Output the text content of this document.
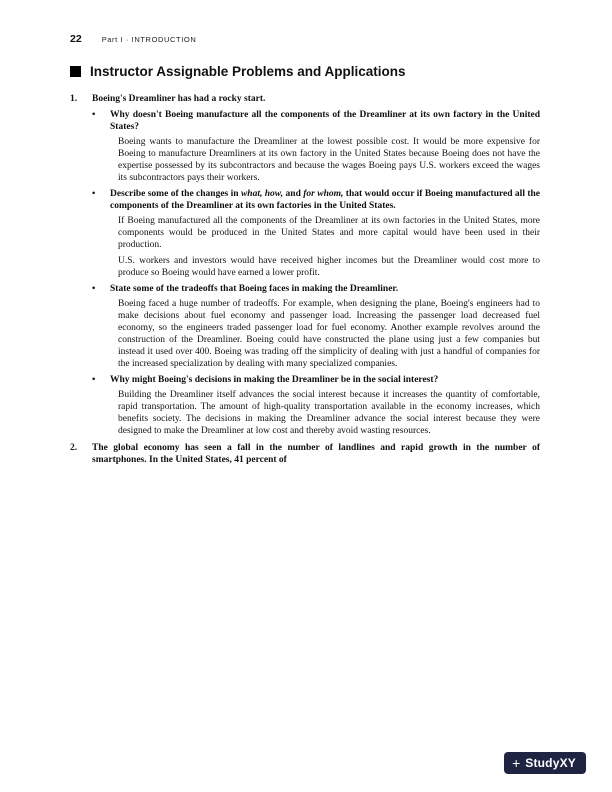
22	Part I · INTRODUCTION
Instructor Assignable Problems and Applications
1.	Boeing's Dreamliner has had a rocky start.
•	Why doesn't Boeing manufacture all the components of the Dreamliner at its own factory in the United States?
Boeing wants to manufacture the Dreamliner at the lowest possible cost. It would be more expensive for Boeing to manufacture Dreamliners at its own factory in the United States because Boeing does not have the expertise possessed by its subcontractors and because the wages Boeing pays U.S. workers exceed the wages its subcontractors pays their workers.
•	Describe some of the changes in what, how, and for whom, that would occur if Boeing manufactured all the components of the Dreamliner at its own factories in the United States.
If Boeing manufactured all the components of the Dreamliner at its own factories in the United States, more components would be produced in the United States and more capital would have been used in their production.
U.S. workers and investors would have received higher incomes but the Dreamliner would cost more to produce so Boeing would have earned a lower profit.
•	State some of the tradeoffs that Boeing faces in making the Dreamliner.
Boeing faced a huge number of tradeoffs. For example, when designing the plane, Boeing's engineers had to make decisions about fuel economy and passenger load. Increasing the passenger load decreased fuel economy, so the engineers traded passenger load for fuel economy. Another example revolves around the construction of the Dreamliner. Boeing could have constructed the plane using just a few companies but instead it used over 400. Boeing was trading off the simplicity of dealing with just a handful of companies for the increased specialization by dealing with many specialized companies.
•	Why might Boeing's decisions in making the Dreamliner be in the social interest?
Building the Dreamliner itself advances the social interest because it increases the quantity of comfortable, rapid transportation. The amount of high-quality transportation available in the economy increases, which benefits society. The decisions in making the Dreamliner advance the social interest because they were designed to make the Dreamliner at low cost and thereby avoid wasting resources.
2.	The global economy has seen a fall in the number of landlines and rapid growth in the number of smartphones. In the United States, 41 percent of
+ StudyXY
